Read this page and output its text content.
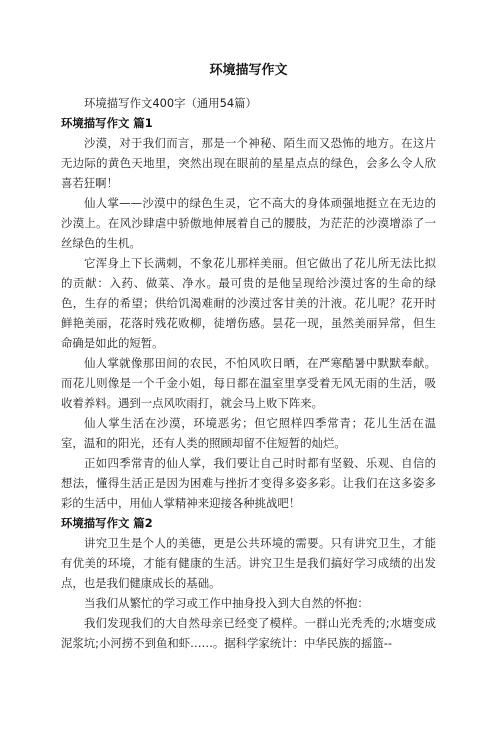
环境描写作文

环境描写作文400字（通用54篇）

环境描写作文 篇1

沙漠，对于我们而言，那是一个神秘、陌生而又恐怖的地方。在这片无边际的黄色天地里，突然出现在眼前的星星点点的绿色，会多么令人欣喜若狂啊！

仙人掌——沙漠中的绿色生灵，它不高大的身体顽强地挺立在无边的沙漠上。在风沙肆虐中骄傲地伸展着自己的腰肢，为茫茫的沙漠增添了一丝绿色的生机。

它浑身上下长满刺，不象花儿那样美丽。但它做出了花儿所无法比拟的贡献：入药、做菜、净水。最可贵的是他呈现给沙漠过客的生命的绿色，生存的希望；供给饥渴难耐的沙漠过客甘美的汁液。花儿呢？花开时鲜艳美丽，花落时残花败柳，徒增伤感。昙花一现，虽然美丽异常，但生命确是如此的短暂。

仙人掌就像那田间的农民，不怕风吹日晒，在严寒酷暑中默默奉献。而花儿则像是一个千金小姐，每日都在温室里享受着无风无雨的生活，吸收着养料。遇到一点风吹雨打，就会马上败下阵来。

仙人掌生活在沙漠，环境恶劣；但它照样四季常青；花儿生活在温室，温和的阳光，还有人类的照顾却留不住短暂的灿烂。

正如四季常青的仙人掌，我们要让自己时时都有坚毅、乐观、自信的想法，懂得生活正是因为困难与挫折才变得多姿多彩。让我们在这多姿多彩的生活中，用仙人掌精神来迎接各种挑战吧！

环境描写作文 篇2

讲究卫生是个人的美德，更是公共环境的需要。只有讲究卫生，才能有优美的环境，才能有健康的生活。讲究卫生是我们搞好学习成绩的出发点，也是我们健康成长的基础。

当我们从繁忙的学习或工作中抽身投入到大自然的怀抱：

我们发现我们的大自然母亲已经变了模样。一群山光秃秃的;水塘变成泥浆坑;小河捞不到鱼和虾……。据科学家统计：中华民族的摇篮--
